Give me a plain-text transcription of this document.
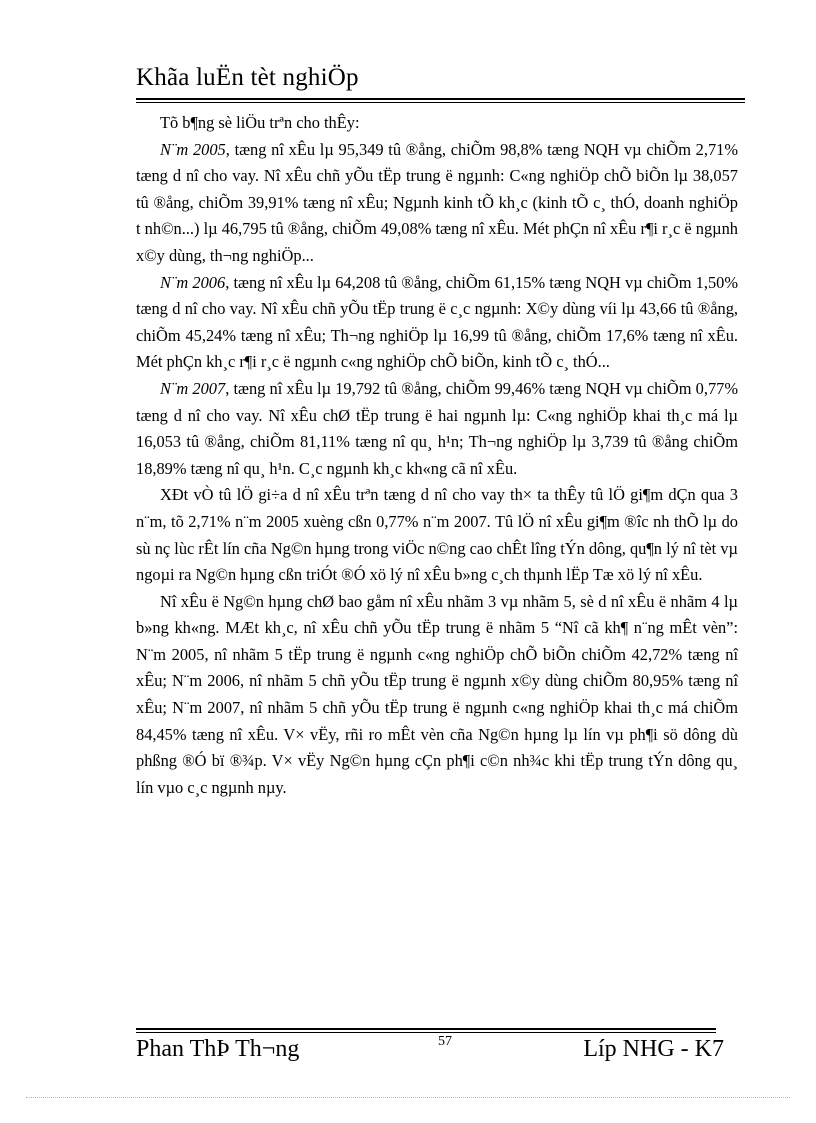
Khãa luËn tèt nghiÖp

Tõ b¶ng sè liÖu trªn cho thÊy:

N¨m 2005, tæng nî xÊu lµ 95,349 tû ®ång, chiÕm 98,8% tæng NQH vµ chiÕm 2,71% tæng d nî cho vay. Nî xÊu chñ yÕu tËp trung ë ngµnh: C«ng nghiÖp chÕ biÕn lµ 38,057 tû ®ång, chiÕm 39,91% tæng nî xÊu; Ngµnh kinh tÕ kh¸c (kinh tÕ c¸ thÓ, doanh nghiÖp t nh©n...) lµ 46,795 tû ®ång, chiÕm 49,08% tæng nî xÊu. Mét phÇn nî xÊu r¶i r¸c ë ngµnh x©y dùng, th¬ng nghiÖp...

N¨m 2006, tæng nî xÊu lµ 64,208 tû ®ång, chiÕm 61,15% tæng NQH vµ chiÕm 1,50% tæng d nî cho vay. Nî xÊu chñ yÕu tËp trung ë c¸c ngµnh: X©y dùng víi lµ 43,66 tû ®ång, chiÕm 45,24% tæng nî xÊu; Th¬ng nghiÖp lµ 16,99 tû ®ång, chiÕm 17,6% tæng nî xÊu. Mét phÇn kh¸c r¶i r¸c ë ngµnh c«ng nghiÖp chÕ biÕn, kinh tÕ c¸ thÓ...

N¨m 2007, tæng nî xÊu lµ 19,792 tû ®ång, chiÕm 99,46% tæng NQH vµ chiÕm 0,77% tæng d nî cho vay. Nî xÊu chØ tËp trung ë hai ngµnh lµ: C«ng nghiÖp khai th¸c má lµ 16,053 tû ®ång, chiÕm 81,11% tæng nî qu¸ h¹n; Th¬ng nghiÖp lµ 3,739 tû ®ång chiÕm 18,89% tæng nî qu¸ h¹n. C¸c ngµnh kh¸c kh«ng cã nî xÊu.

XÐt vÒ tû lÖ gi÷a d nî xÊu trªn tæng d nî cho vay th× ta thÊy tû lÖ gi¶m dÇn qua 3 n¨m, tõ 2,71% n¨m 2005 xuèng cßn 0,77% n¨m 2007. Tû lÖ nî xÊu gi¶m ®îc nh thÕ lµ do sù nç lùc rÊt lín cña Ng©n hµng trong viÖc n©ng cao chÊt lîng tÝn dông, qu¶n lý nî tèt vµ ngoµi ra Ng©n hµng cßn triÓt ®Ó xö lý nî xÊu b»ng c¸ch thµnh lËp Tæ xö lý nî xÊu.

Nî xÊu ë Ng©n hµng chØ bao gåm nî xÊu nhãm 3 vµ nhãm 5, sè d nî xÊu ë nhãm 4 lµ b»ng kh«ng. MÆt kh¸c, nî xÊu chñ yÕu tËp trung ë nhãm 5 “Nî cã kh¶ n¨ng mÊt vèn”: N¨m 2005, nî nhãm 5 tËp trung ë ngµnh c«ng nghiÖp chÕ biÕn chiÕm 42,72% tæng nî xÊu; N¨m 2006, nî nhãm 5 chñ yÕu tËp trung ë ngµnh x©y dùng chiÕm 80,95% tæng nî xÊu; N¨m 2007, nî nhãm 5 chñ yÕu tËp trung ë ngµnh c«ng nghiÖp khai th¸c má chiÕm 84,45% tæng nî xÊu. V× vËy, rñi ro mÊt vèn cña Ng©n hµng lµ lín vµ ph¶i sö dông dù phßng ®Ó bï ®¾p. V× vËy Ng©n hµng cÇn ph¶i c©n nh¾c khi tËp trung tÝn dông qu¸ lín vµo c¸c ngµnh nµy.

Phan ThÞ Th¬ng	57	Líp NHG - K7
